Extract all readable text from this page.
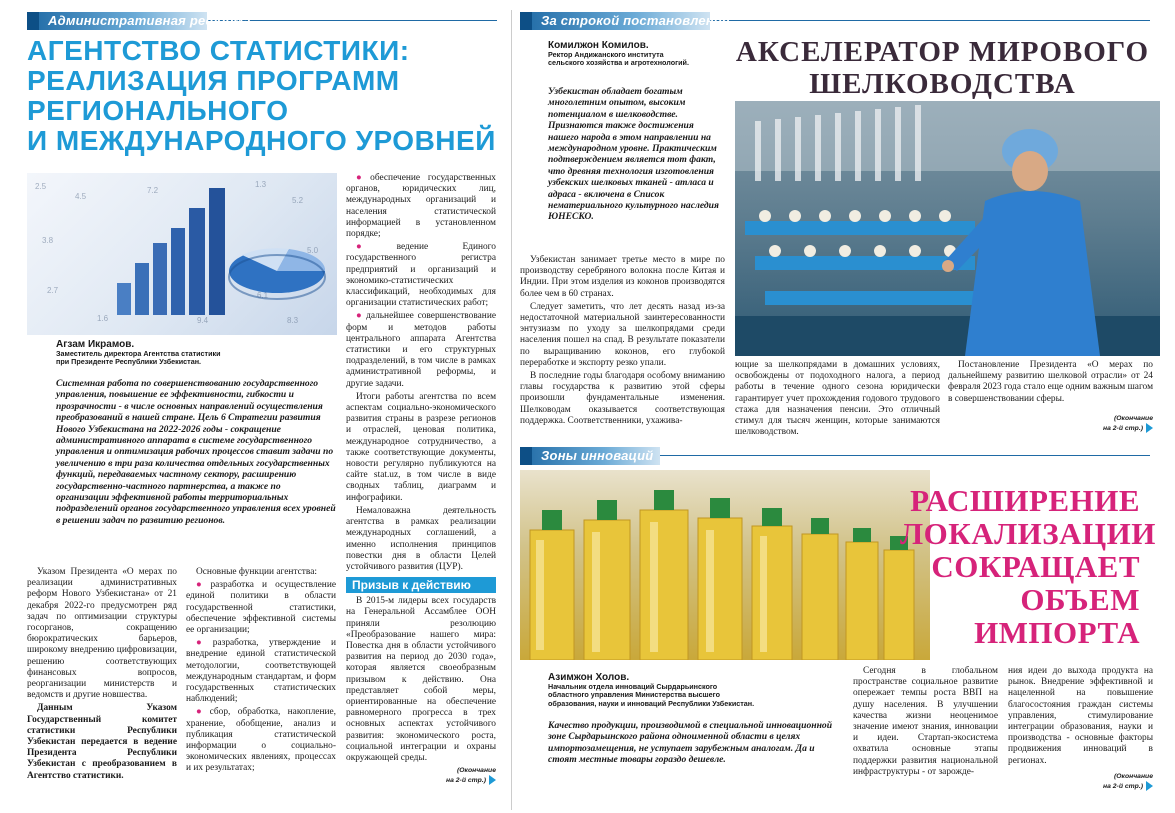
Административная реформа
АГЕНТСТВО СТАТИСТИКИ:
РЕАЛИЗАЦИЯ ПРОГРАММ
РЕГИОНАЛЬНОГО
И МЕЖДУНАРОДНОГО УРОВНЕЙ
2.5
4.5
1.3
5.2
3.8
6.1
8.3
9.4
2.7
1.6
5.0
7.2
Агзам Икрамов.
Заместитель директора Агентства статистики
при Президенте Республики Узбекистан.
Системная работа по совершенствованию государственного управления, повышение ее эффективности, гибкости и прозрачности - в числе основных направлений осуществления преобразований в нашей стране. Цель 6 Стратегии развития Нового Узбекистана на 2022-2026 годы - сокращение административного аппарата в системе государственного управления и оптимизация рабочих процессов ставит задачи по увеличению в три раза количества отдельных государственных функций, передаваемых частному сектору, расширению государственно-частного партнерства, а также по организации эффективной работы территориальных подразделений органов государственного управления всех уровней в решении задач по развитию регионов.

Указом Президента «О мерах по реализации административных реформ Нового Узбекистана» от 21 декабря 2022-го предусмотрен ряд задач по оптимизации структуры госорганов, сокращению бюрократических барьеров, широкому внедрению цифровизации, решению соответствующих финансовых вопросов, реорганизации министерств и ведомств и другие новшества.

Данным Указом Государственный комитет статистики Республики Узбекистан передается в ведение Президента Республики Узбекистан с преобразованием в Агентство статистики.

Основные функции агентства:

● разработка и осуществление единой политики в области государственной статистики, обеспечение эффективной системы ее организации;

● разработка, утверждение и внедрение единой статистической методологии, соответствующей международным стандартам, и форм государственных статистических наблюдений;

● сбор, обработка, накопление, хранение, обобщение, анализ и публикация статистической информации о социально-экономических явлениях, процессах и их результатах;

● обеспечение государственных органов, юридических лиц, международных организаций и населения статистической информацией в установленном порядке;

● ведение Единого государственного регистра предприятий и организаций и экономико-статистических классификаций, необходимых для организации статистических работ;

● дальнейшее совершенствование форм и методов работы центрального аппарата Агентства статистики и его структурных подразделений, в том числе в рамках административной реформы, и другие задачи.

Итоги работы агентства по всем аспектам социально-экономического развития страны в разрезе регионов и отраслей, ценовая политика, международное сотрудничество, а также соответствующие документы, новости регулярно публикуются на сайте stat.uz, в том числе в виде сводных таблиц, диаграмм и инфографики.

Немаловажна деятельность агентства в рамках реализации международных соглашений, а именно исполнения принципов повестки дня в области Целей устойчивого развития (ЦУР).

Призыв к действию

В 2015-м лидеры всех государств на Генеральной Ассамблее ООН приняли резолюцию «Преобразование нашего мира: Повестка дня в области устойчивого развития на период до 2030 года», которая является своеобразным призывом к действию. Она представляет собой меры, ориентированные на обеспечение равномерного прогресса в трех основных аспектах устойчивого развития: экономического роста, социальной интеграции и охраны окружающей среды.

(Окончание
на 2-й стр.)
За строкой постановления
Комилжон Комилов.
Ректор Андижанского института
сельского хозяйства и агротехнологий.
Узбекистан обладает богатым многолетним опытом, высоким потенциалом в шелководстве. Признаются также достижения нашего народа в этом направлении на международном уровне. Практическим подтверждением является тот факт, что древняя технология изготовления узбекских шелковых тканей - атласа и адраса - включена в Список нематериального культурного наследия ЮНЕСКО.
АКСЕЛЕРАТОР МИРОВОГО
ШЕЛКОВОДСТВА

Узбекистан занимает третье место в мире по производству серебряного волокна после Китая и Индии. При этом изделия из коконов производятся более чем в 60 странах.

Следует заметить, что лет десять назад из-за недостаточной материальной заинтересованности энтузиазм по уходу за шелкопрядами среди населения пошел на спад. В результате показатели по выращиванию коконов, его глубокой переработке и экспорту резко упали.

В последние годы благодаря особому вниманию главы государства к развитию этой сферы произошли фундаментальные изменения. Шелководам оказывается соответствующая поддержка. Соответственники, ухажива-

ющие за шелкопрядами в домашних условиях, освобождены от подоходного налога, а период работы в течение одного сезона юридически гарантирует учет прохождения годового трудового стажа для назначения пенсии. Это отличный стимул для тысяч женщин, которые занимаются шелководством.

Постановление Президента «О мерах по дальнейшему развитию шелковой отрасли» от 24 февраля 2023 года стало еще одним важным шагом в совершенствовании сферы.

(Окончание
на 2-й стр.)
Зоны инноваций
РАСШИРЕНИЕ
ЛОКАЛИЗАЦИИ
СОКРАЩАЕТ
ОБЪЕМ
ИМПОРТА
Азимжон Холов.
Начальник отдела инноваций Сырдарьинского
областного управления Министерства высшего
образования, науки и инноваций Республики Узбекистан.
Качество продукции, производимой в специальной инновационной зоне Сырдарьинского района одноименной области в целях импортозамещения, не уступает зарубежным аналогам. Да и стоят местные товары гораздо дешевле.

Сегодня в глобальном пространстве социальное развитие опережает темпы роста ВВП на душу населения. В улучшении качества жизни неоценимое значение имеют знания, инновации и идеи. Стартап-экосистема охватила основные этапы поддержки развития национальной инфраструктуры - от зарожде-

ния идеи до выхода продукта на рынок. Внедрение эффективной и нацеленной на повышение благосостояния граждан системы управления, стимулирование интеграции образования, науки и производства - основные факторы продвижения инноваций в регионах.

(Окончание
на 2-й стр.)
